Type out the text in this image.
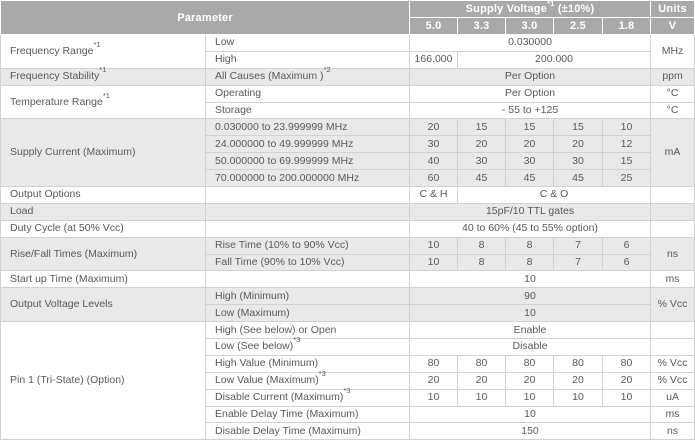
Parameter		Supply Voltage$^{*1}$ (±10%)					Units
		5.0	3.3	3.0	2.5	1.8	V
Frequency Range$^{*1}$	Low	0.030000					MHz
	High	166.000	200.000				
Frequency Stability$^{*1}$	All Causes (Maximum )$^{*2}$	Per Option					ppm
Temperature Range$^{*1}$	Operating	Per Option					°C
	Storage	- 55 to +125					°C
Supply Current (Maximum)	0.030000 to 23.999999 MHz	20	15	15	15	10	mA
	24.000000 to 49.999999 MHz	30	20	20	20	12	
	50.000000 to 69.999999 MHz	40	30	30	30	15	
	70.000000 to 200.000000 MHz	60	45	45	45	25	
Output Options		C & H	C & O				
Load		15pF/10 TTL gates					
Duty Cycle (at 50% Vcc)		40 to 60% (45 to 55% option)					
Rise/Fall Times (Maximum)	Rise Time (10% to 90% Vcc)	10	8	8	7	6	ns
	Fall Time (90% to 10% Vcc)	10	8	8	7	6	
Start up Time (Maximum)		10					ms
Output Voltage Levels	High (Minimum)	90					% Vcc
	Low (Maximum)	10					
Pin 1 (Tri-State) (Option)	High (See below) or Open	Enable					
	Low (See below)$^{*3}$	Disable					
	High Value (Minimum)	80	80	80	80	80	% Vcc
	Low Value (Maximum)$^{*3}$	20	20	20	20	20	% Vcc
	Disable Current (Maximum)$^{*3}$	10	10	10	10	10	uA
	Enable Delay Time (Maximum)	10					ms
	Disable Delay Time (Maximum)	150					ns
